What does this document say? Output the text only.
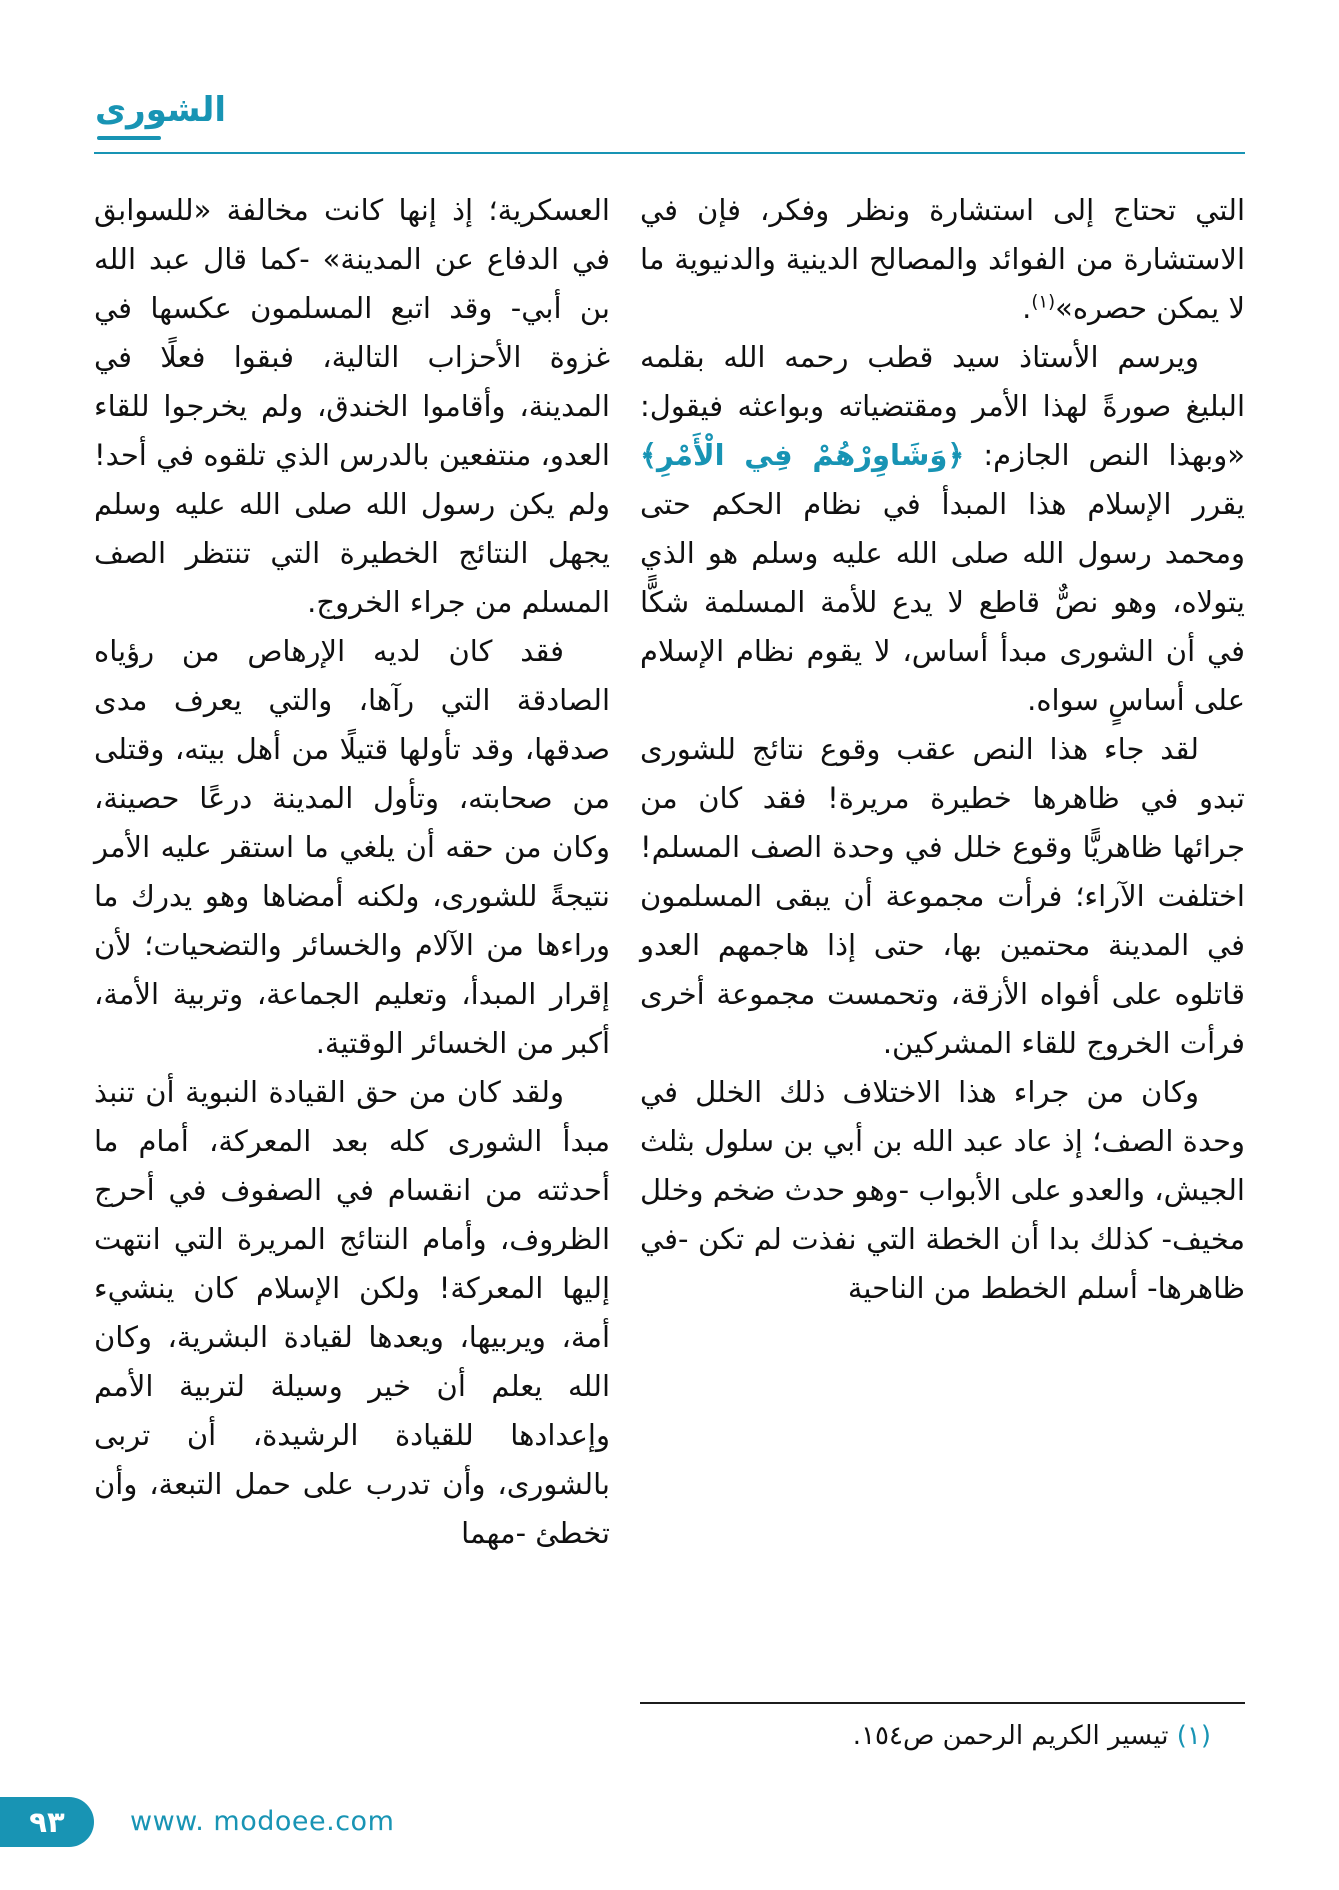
الشورى

التي تحتاج إلى استشارة ونظر وفكر، فإن في الاستشارة من الفوائد والمصالح الدينية والدنيوية ما لا يمكن حصره»$^{(١)}$.

ويرسم الأستاذ سيد قطب رحمه الله بقلمه البليغ صورةً لهذا الأمر ومقتضياته وبواعثه فيقول: «وبهذا النص الجازم: ﴿وَشَاوِرْهُمْ فِي الْأَمْرِ﴾ يقرر الإسلام هذا المبدأ في نظام الحكم حتى ومحمد رسول الله صلى الله عليه وسلم هو الذي يتولاه، وهو نصٌّ قاطع لا يدع للأمة المسلمة شكًّا في أن الشورى مبدأ أساس، لا يقوم نظام الإسلام على أساسٍ سواه.

لقد جاء هذا النص عقب وقوع نتائج للشورى تبدو في ظاهرها خطيرة مريرة! فقد كان من جرائها ظاهريًّا وقوع خلل في وحدة الصف المسلم! اختلفت الآراء؛ فرأت مجموعة أن يبقى المسلمون في المدينة محتمين بها، حتى إذا هاجمهم العدو قاتلوه على أفواه الأزقة، وتحمست مجموعة أخرى فرأت الخروج للقاء المشركين.

وكان من جراء هذا الاختلاف ذلك الخلل في وحدة الصف؛ إذ عاد عبد الله بن أبي بن سلول بثلث الجيش، والعدو على الأبواب -وهو حدث ضخم وخلل مخيف- كذلك بدا أن الخطة التي نفذت لم تكن -في ظاهرها- أسلم الخطط من الناحية

العسكرية؛ إذ إنها كانت مخالفة «للسوابق في الدفاع عن المدينة» -كما قال عبد الله بن أبي- وقد اتبع المسلمون عكسها في غزوة الأحزاب التالية، فبقوا فعلًا في المدينة، وأقاموا الخندق، ولم يخرجوا للقاء العدو، منتفعين بالدرس الذي تلقوه في أحد! ولم يكن رسول الله صلى الله عليه وسلم يجهل النتائج الخطيرة التي تنتظر الصف المسلم من جراء الخروج.

فقد كان لديه الإرهاص من رؤياه الصادقة التي رآها، والتي يعرف مدى صدقها، وقد تأولها قتيلًا من أهل بيته، وقتلى من صحابته، وتأول المدينة درعًا حصينة، وكان من حقه أن يلغي ما استقر عليه الأمر نتيجةً للشورى، ولكنه أمضاها وهو يدرك ما وراءها من الآلام والخسائر والتضحيات؛ لأن إقرار المبدأ، وتعليم الجماعة، وتربية الأمة، أكبر من الخسائر الوقتية.

ولقد كان من حق القيادة النبوية أن تنبذ مبدأ الشورى كله بعد المعركة، أمام ما أحدثته من انقسام في الصفوف في أحرج الظروف، وأمام النتائج المريرة التي انتهت إليها المعركة! ولكن الإسلام كان ينشيء أمة، ويربيها، ويعدها لقيادة البشرية، وكان الله يعلم أن خير وسيلة لتربية الأمم وإعدادها للقيادة الرشيدة، أن تربى بالشورى، وأن تدرب على حمل التبعة، وأن تخطئ -مهما

(١) تيسير الكريم الرحمن ص١٥٤.

٩٣ www. modoee.com
